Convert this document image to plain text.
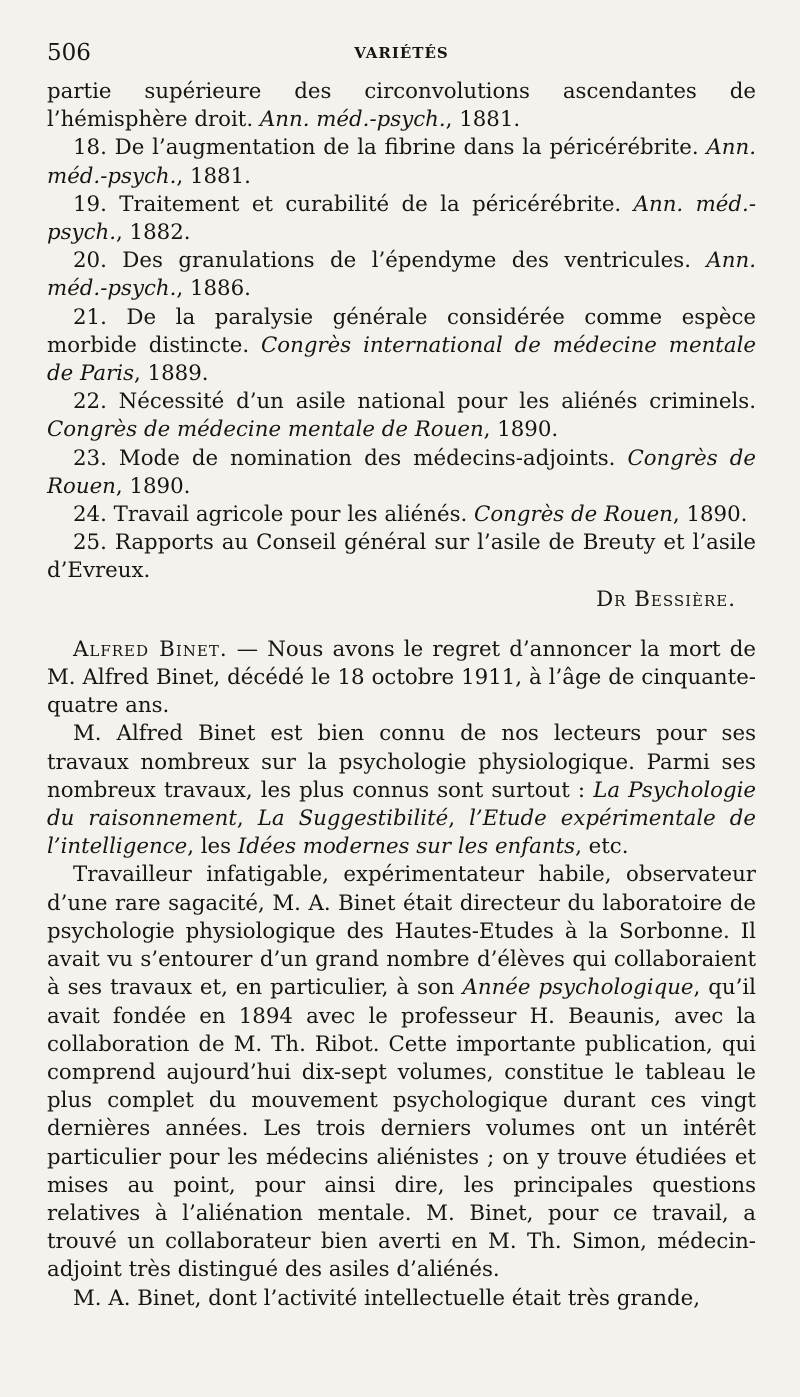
506	VARIÉTÉS

partie supérieure des circonvolutions ascendantes de l’hémisphère droit. Ann. méd.-psych., 1881.

18. De l’augmentation de la fibrine dans la péricérébrite. Ann. méd.-psych., 1881.

19. Traitement et curabilité de la péricérébrite. Ann. méd.-psych., 1882.

20. Des granulations de l’épendyme des ventricules. Ann. méd.-psych., 1886.

21. De la paralysie générale considérée comme espèce morbide distincte. Congrès international de médecine mentale de Paris, 1889.

22. Nécessité d’un asile national pour les aliénés criminels. Congrès de médecine mentale de Rouen, 1890.

23. Mode de nomination des médecins-adjoints. Congrès de Rouen, 1890.

24. Travail agricole pour les aliénés. Congrès de Rouen, 1890.

25. Rapports au Conseil général sur l’asile de Breuty et l’asile d’Evreux.

Dr Bessière.

Alfred Binet. — Nous avons le regret d’annoncer la mort de M. Alfred Binet, décédé le 18 octobre 1911, à l’âge de cinquante-quatre ans.

M. Alfred Binet est bien connu de nos lecteurs pour ses travaux nombreux sur la psychologie physiologique. Parmi ses nombreux travaux, les plus connus sont surtout : La Psychologie du raisonnement, La Suggestibilité, l’Etude expérimentale de l’intelligence, les Idées modernes sur les enfants, etc.

Travailleur infatigable, expérimentateur habile, observateur d’une rare sagacité, M. A. Binet était directeur du laboratoire de psychologie physiologique des Hautes-Etudes à la Sorbonne. Il avait vu s’entourer d’un grand nombre d’élèves qui collaboraient à ses travaux et, en particulier, à son Année psychologique, qu’il avait fondée en 1894 avec le professeur H. Beaunis, avec la collaboration de M. Th. Ribot. Cette importante publication, qui comprend aujourd’hui dix-sept volumes, constitue le tableau le plus complet du mouvement psychologique durant ces vingt dernières années. Les trois derniers volumes ont un intérêt particulier pour les médecins aliénistes ; on y trouve étudiées et mises au point, pour ainsi dire, les principales questions relatives à l’aliénation mentale. M. Binet, pour ce travail, a trouvé un collaborateur bien averti en M. Th. Simon, médecin-adjoint très distingué des asiles d’aliénés.

M. A. Binet, dont l’activité intellectuelle était très grande,
